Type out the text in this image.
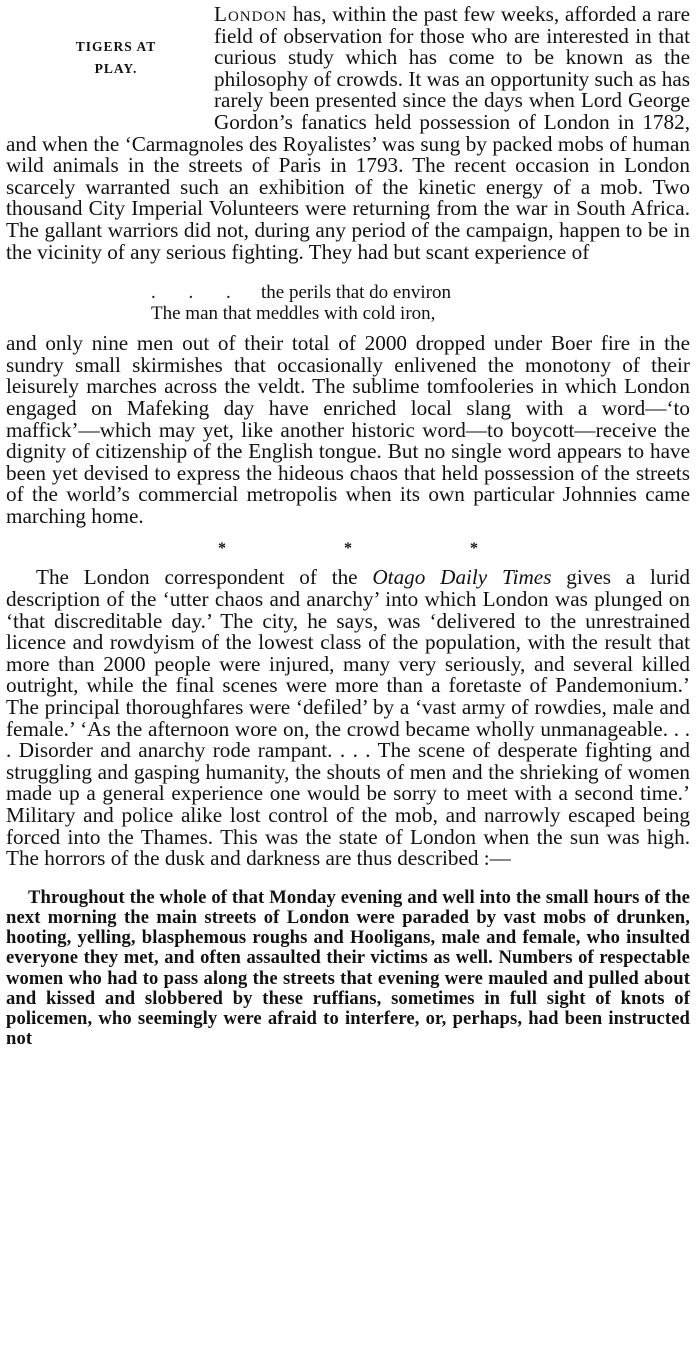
TIGERS AT
PLAY.

London has, within the past few weeks, afforded a rare field of observation for those who are interested in that curious study which has come to be known as the philosophy of crowds. It was an opportunity such as has rarely been presented since the days when Lord George Gordon’s fanatics held possession of London in 1782, and when the ‘Carmagnoles des Royalistes’ was sung by packed mobs of human wild animals in the streets of Paris in 1793. The recent occasion in London scarcely warranted such an exhibition of the kinetic energy of a mob. Two thousand City Imperial Volunteers were returning from the war in South Africa. The gallant warriors did not, during any period of the campaign, happen to be in the vicinity of any serious fighting. They had but scant experience of

. . . the perils that do environ
The man that meddles with cold iron,

and only nine men out of their total of 2000 dropped under Boer fire in the sundry small skirmishes that occasionally enlivened the monotony of their leisurely marches across the veldt. The sublime tomfooleries in which London engaged on Mafeking day have enriched local slang with a word—‘to maffick’—which may yet, like another historic word—to boycott—receive the dignity of citizenship of the English tongue. But no single word appears to have been yet devised to express the hideous chaos that held possession of the streets of the world’s commercial metropolis when its own particular Johnnies came marching home.

*	*	*

The London correspondent of the Otago Daily Times gives a lurid description of the ‘utter chaos and anarchy’ into which London was plunged on ‘that discreditable day.’ The city, he says, was ‘delivered to the unrestrained licence and rowdyism of the lowest class of the population, with the result that more than 2000 people were injured, many very seriously, and several killed outright, while the final scenes were more than a foretaste of Pandemonium.’ The principal thoroughfares were ‘defiled’ by a ‘vast army of rowdies, male and female.’ ‘As the afternoon wore on, the crowd became wholly unmanageable. . . . Disorder and anarchy rode rampant. . . . The scene of desperate fighting and struggling and gasping humanity, the shouts of men and the shrieking of women made up a general experience one would be sorry to meet with a second time.’ Military and police alike lost control of the mob, and narrowly escaped being forced into the Thames. This was the state of London when the sun was high. The horrors of the dusk and darkness are thus described :—

Throughout the whole of that Monday evening and well into the small hours of the next morning the main streets of London were paraded by vast mobs of drunken, hooting, yelling, blasphemous roughs and Hooligans, male and female, who insulted everyone they met, and often assaulted their victims as well. Numbers of respectable women who had to pass along the streets that evening were mauled and pulled about and kissed and slobbered by these ruffians, sometimes in full sight of knots of policemen, who seemingly were afraid to interfere, or, perhaps, had been instructed not
